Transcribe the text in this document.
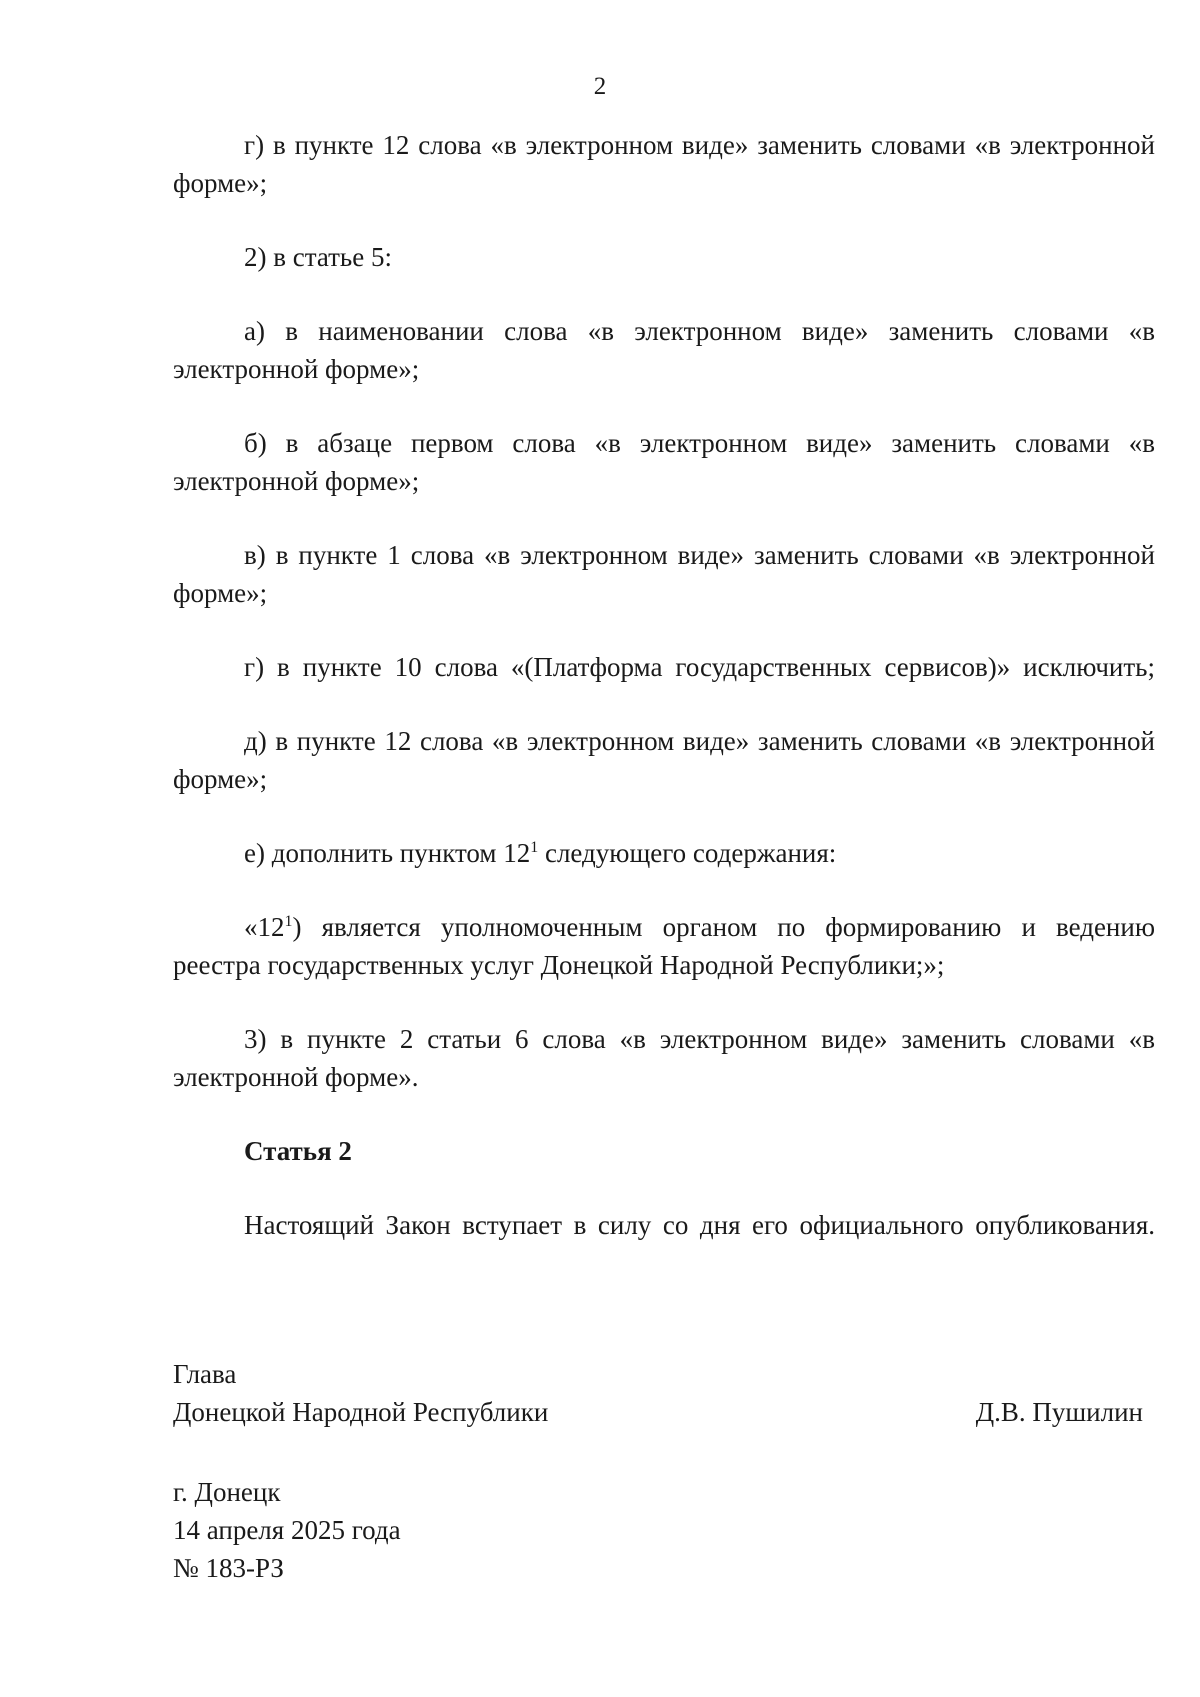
2

г) в пункте 12 слова «в электронном виде» заменить словами «в электронной форме»;

2) в статье 5:

а) в наименовании слова «в электронном виде» заменить словами «в электронной форме»;

б) в абзаце первом слова «в электронном виде» заменить словами «в электронной форме»;

в) в пункте 1 слова «в электронном виде» заменить словами «в электронной форме»;

г) в пункте 10 слова «(Платформа государственных сервисов)» исключить;

д) в пункте 12 слова «в электронном виде» заменить словами «в электронной форме»;

е) дополнить пунктом $12^1$ следующего содержания:

«$12^1$) является уполномоченным органом по формированию и ведению реестра государственных услуг Донецкой Народной Республики;»;

3) в пункте 2 статьи 6 слова «в электронном виде» заменить словами «в электронной форме».

Статья 2

Настоящий Закон вступает в силу со дня его официального опубликования.

Глава
Донецкой Народной Республики	Д.В. Пушилин
г. Донецк
14 апреля 2025 года
№ 183-РЗ
